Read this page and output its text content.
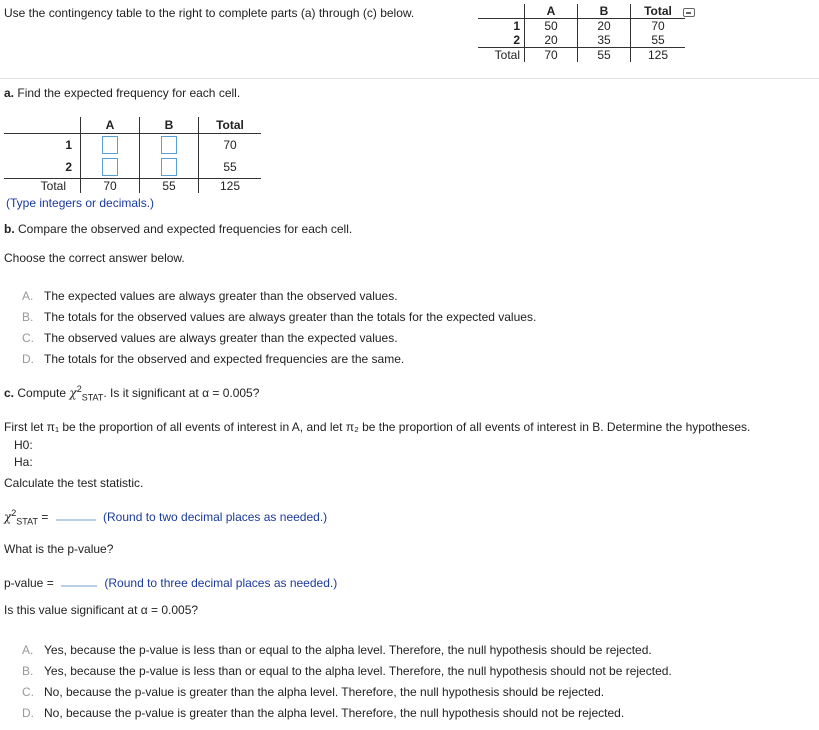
Use the contingency table to the right to complete parts (a) through (c) below.
		A	B	Total
1	50	20	70
2	20	35	55
Total	70	55	125
a. Find the expected frequency for each cell.
	A	B	Total
1			70
2			55
Total	70	55	125
(Type integers or decimals.)
b. Compare the observed and expected frequencies for each cell.
Choose the correct answer below.
A. The expected values are always greater than the observed values.
B. The totals for the observed values are always greater than the totals for the expected values.
C. The observed values are always greater than the expected values.
D. The totals for the observed and expected frequencies are the same.
c. Compute $\chi^2_{STAT}$. Is it significant at α = 0.005?
First let π₁ be the proportion of all events of interest in A, and let π₂ be the proportion of all events of interest in B. Determine the hypotheses.
H0:
Ha:
Calculate the test statistic.
$\chi^2_{STAT}$ =	(Round to two decimal places as needed.)
What is the p-value?
p-value =	(Round to three decimal places as needed.)
Is this value significant at α = 0.005?
A. Yes, because the p-value is less than or equal to the alpha level. Therefore, the null hypothesis should be rejected.
B. Yes, because the p-value is less than or equal to the alpha level. Therefore, the null hypothesis should not be rejected.
C. No, because the p-value is greater than the alpha level. Therefore, the null hypothesis should be rejected.
D. No, because the p-value is greater than the alpha level. Therefore, the null hypothesis should not be rejected.
